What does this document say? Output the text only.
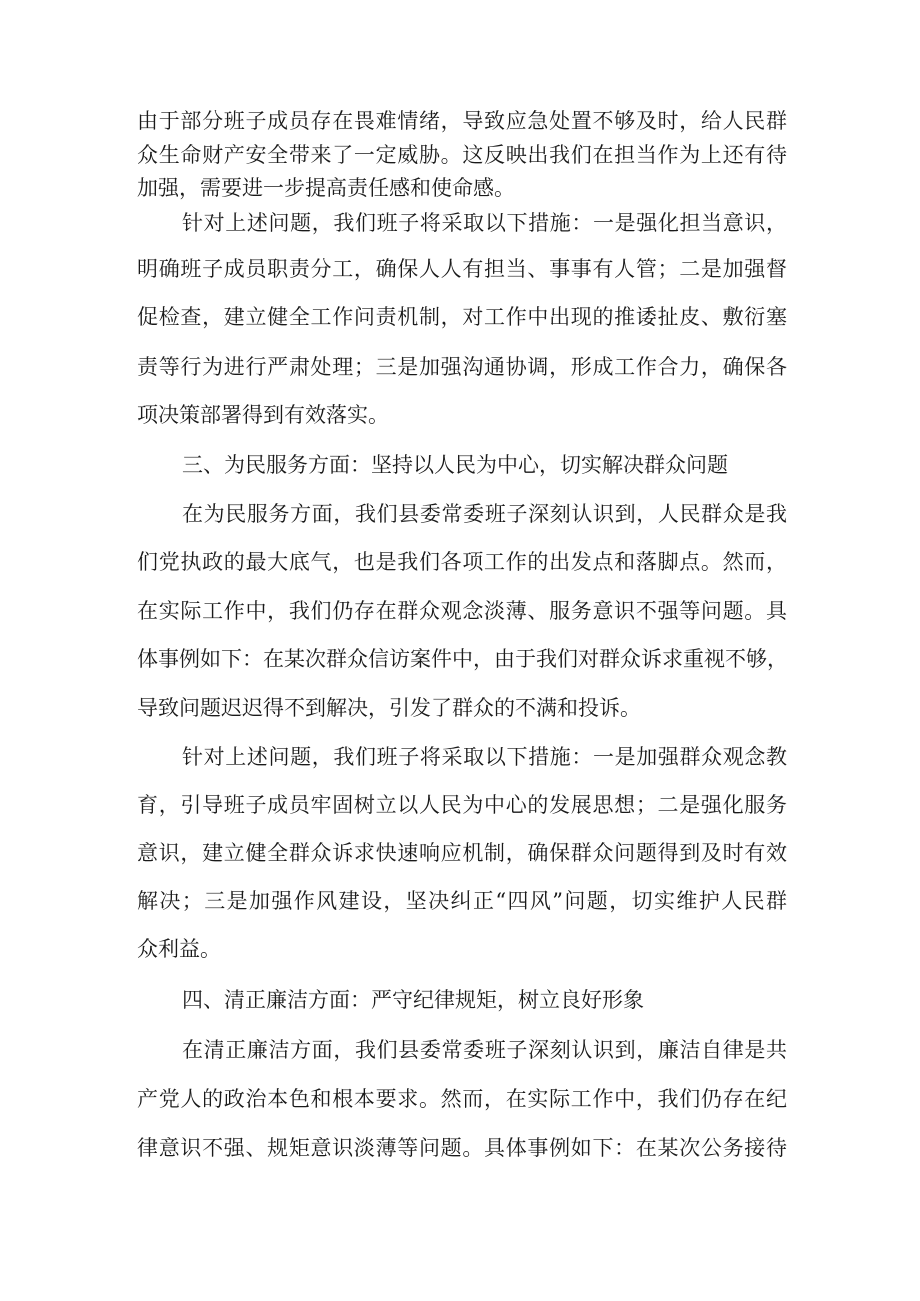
由于部分班子成员存在畏难情绪，导致应急处置不够及时，给人民群
众生命财产安全带来了一定威胁。这反映出我们在担当作为上还有待
加强，需要进一步提高责任感和使命感。
针对上述问题，我们班子将采取以下措施：一是强化担当意识，
明确班子成员职责分工，确保人人有担当、事事有人管；二是加强督
促检查，建立健全工作问责机制，对工作中出现的推诿扯皮、敷衍塞
责等行为进行严肃处理；三是加强沟通协调，形成工作合力，确保各
项决策部署得到有效落实。
三、为民服务方面：坚持以人民为中心，切实解决群众问题
在为民服务方面，我们县委常委班子深刻认识到，人民群众是我
们党执政的最大底气，也是我们各项工作的出发点和落脚点。然而，
在实际工作中，我们仍存在群众观念淡薄、服务意识不强等问题。具
体事例如下：在某次群众信访案件中，由于我们对群众诉求重视不够，
导致问题迟迟得不到解决，引发了群众的不满和投诉。
针对上述问题，我们班子将采取以下措施：一是加强群众观念教
育，引导班子成员牢固树立以人民为中心的发展思想；二是强化服务
意识，建立健全群众诉求快速响应机制，确保群众问题得到及时有效
解决；三是加强作风建设，坚决纠正“四风”问题，切实维护人民群
众利益。
四、清正廉洁方面：严守纪律规矩，树立良好形象
在清正廉洁方面，我们县委常委班子深刻认识到，廉洁自律是共
产党人的政治本色和根本要求。然而，在实际工作中，我们仍存在纪
律意识不强、规矩意识淡薄等问题。具体事例如下：在某次公务接待
